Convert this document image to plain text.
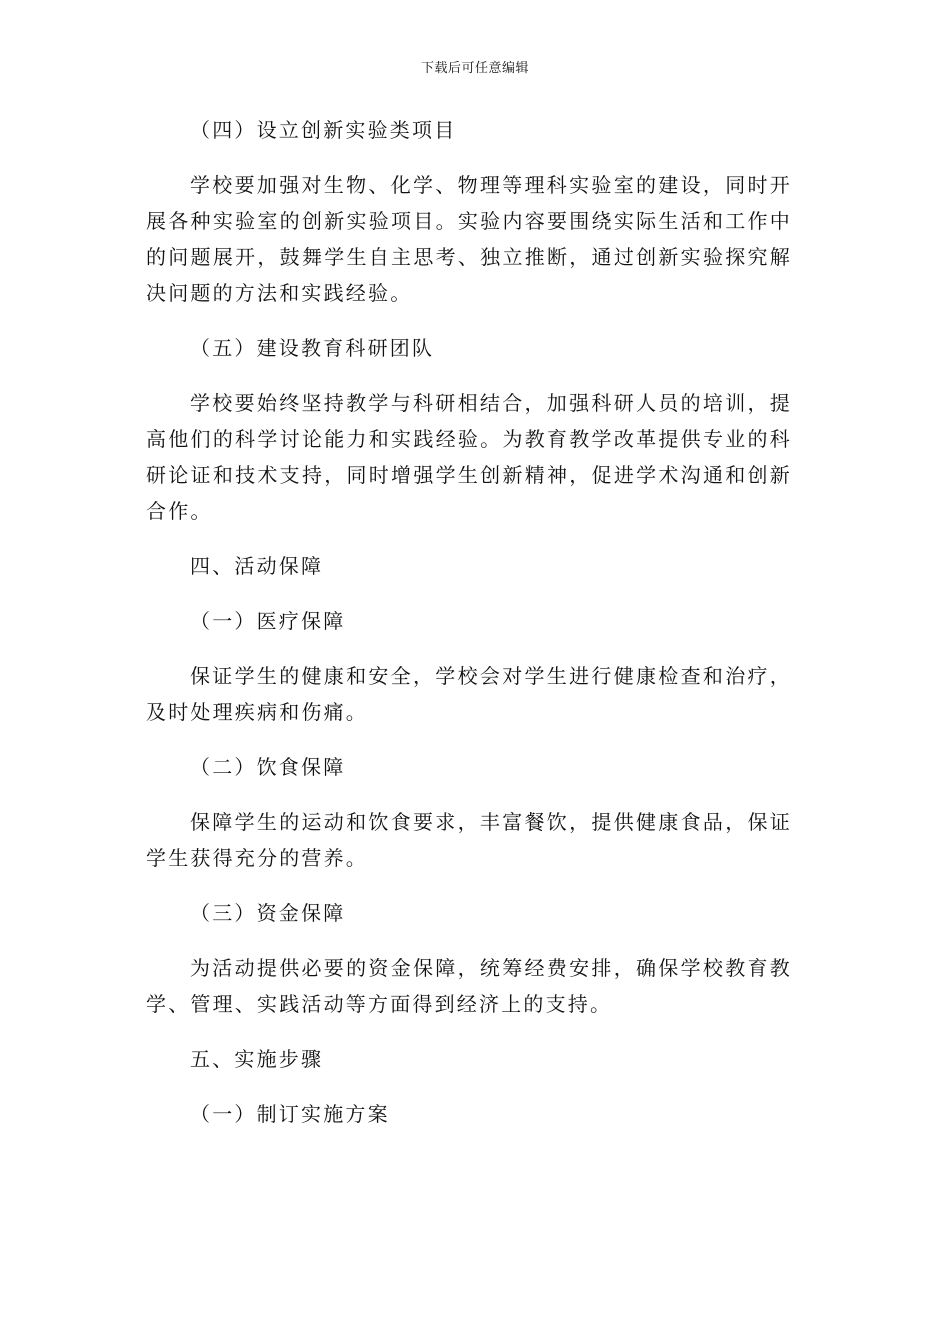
下载后可任意编辑

（四）设立创新实验类项目

学校要加强对生物、化学、物理等理科实验室的建设，同时开展各种实验室的创新实验项目。实验内容要围绕实际生活和工作中的问题展开，鼓舞学生自主思考、独立推断，通过创新实验探究解决问题的方法和实践经验。

（五）建设教育科研团队

学校要始终坚持教学与科研相结合，加强科研人员的培训，提高他们的科学讨论能力和实践经验。为教育教学改革提供专业的科研论证和技术支持，同时增强学生创新精神，促进学术沟通和创新合作。

四、活动保障

（一）医疗保障

保证学生的健康和安全，学校会对学生进行健康检查和治疗，及时处理疾病和伤痛。

（二）饮食保障

保障学生的运动和饮食要求，丰富餐饮，提供健康食品，保证学生获得充分的营养。

（三）资金保障

为活动提供必要的资金保障，统筹经费安排，确保学校教育教学、管理、实践活动等方面得到经济上的支持。

五、实施步骤

（一）制订实施方案
